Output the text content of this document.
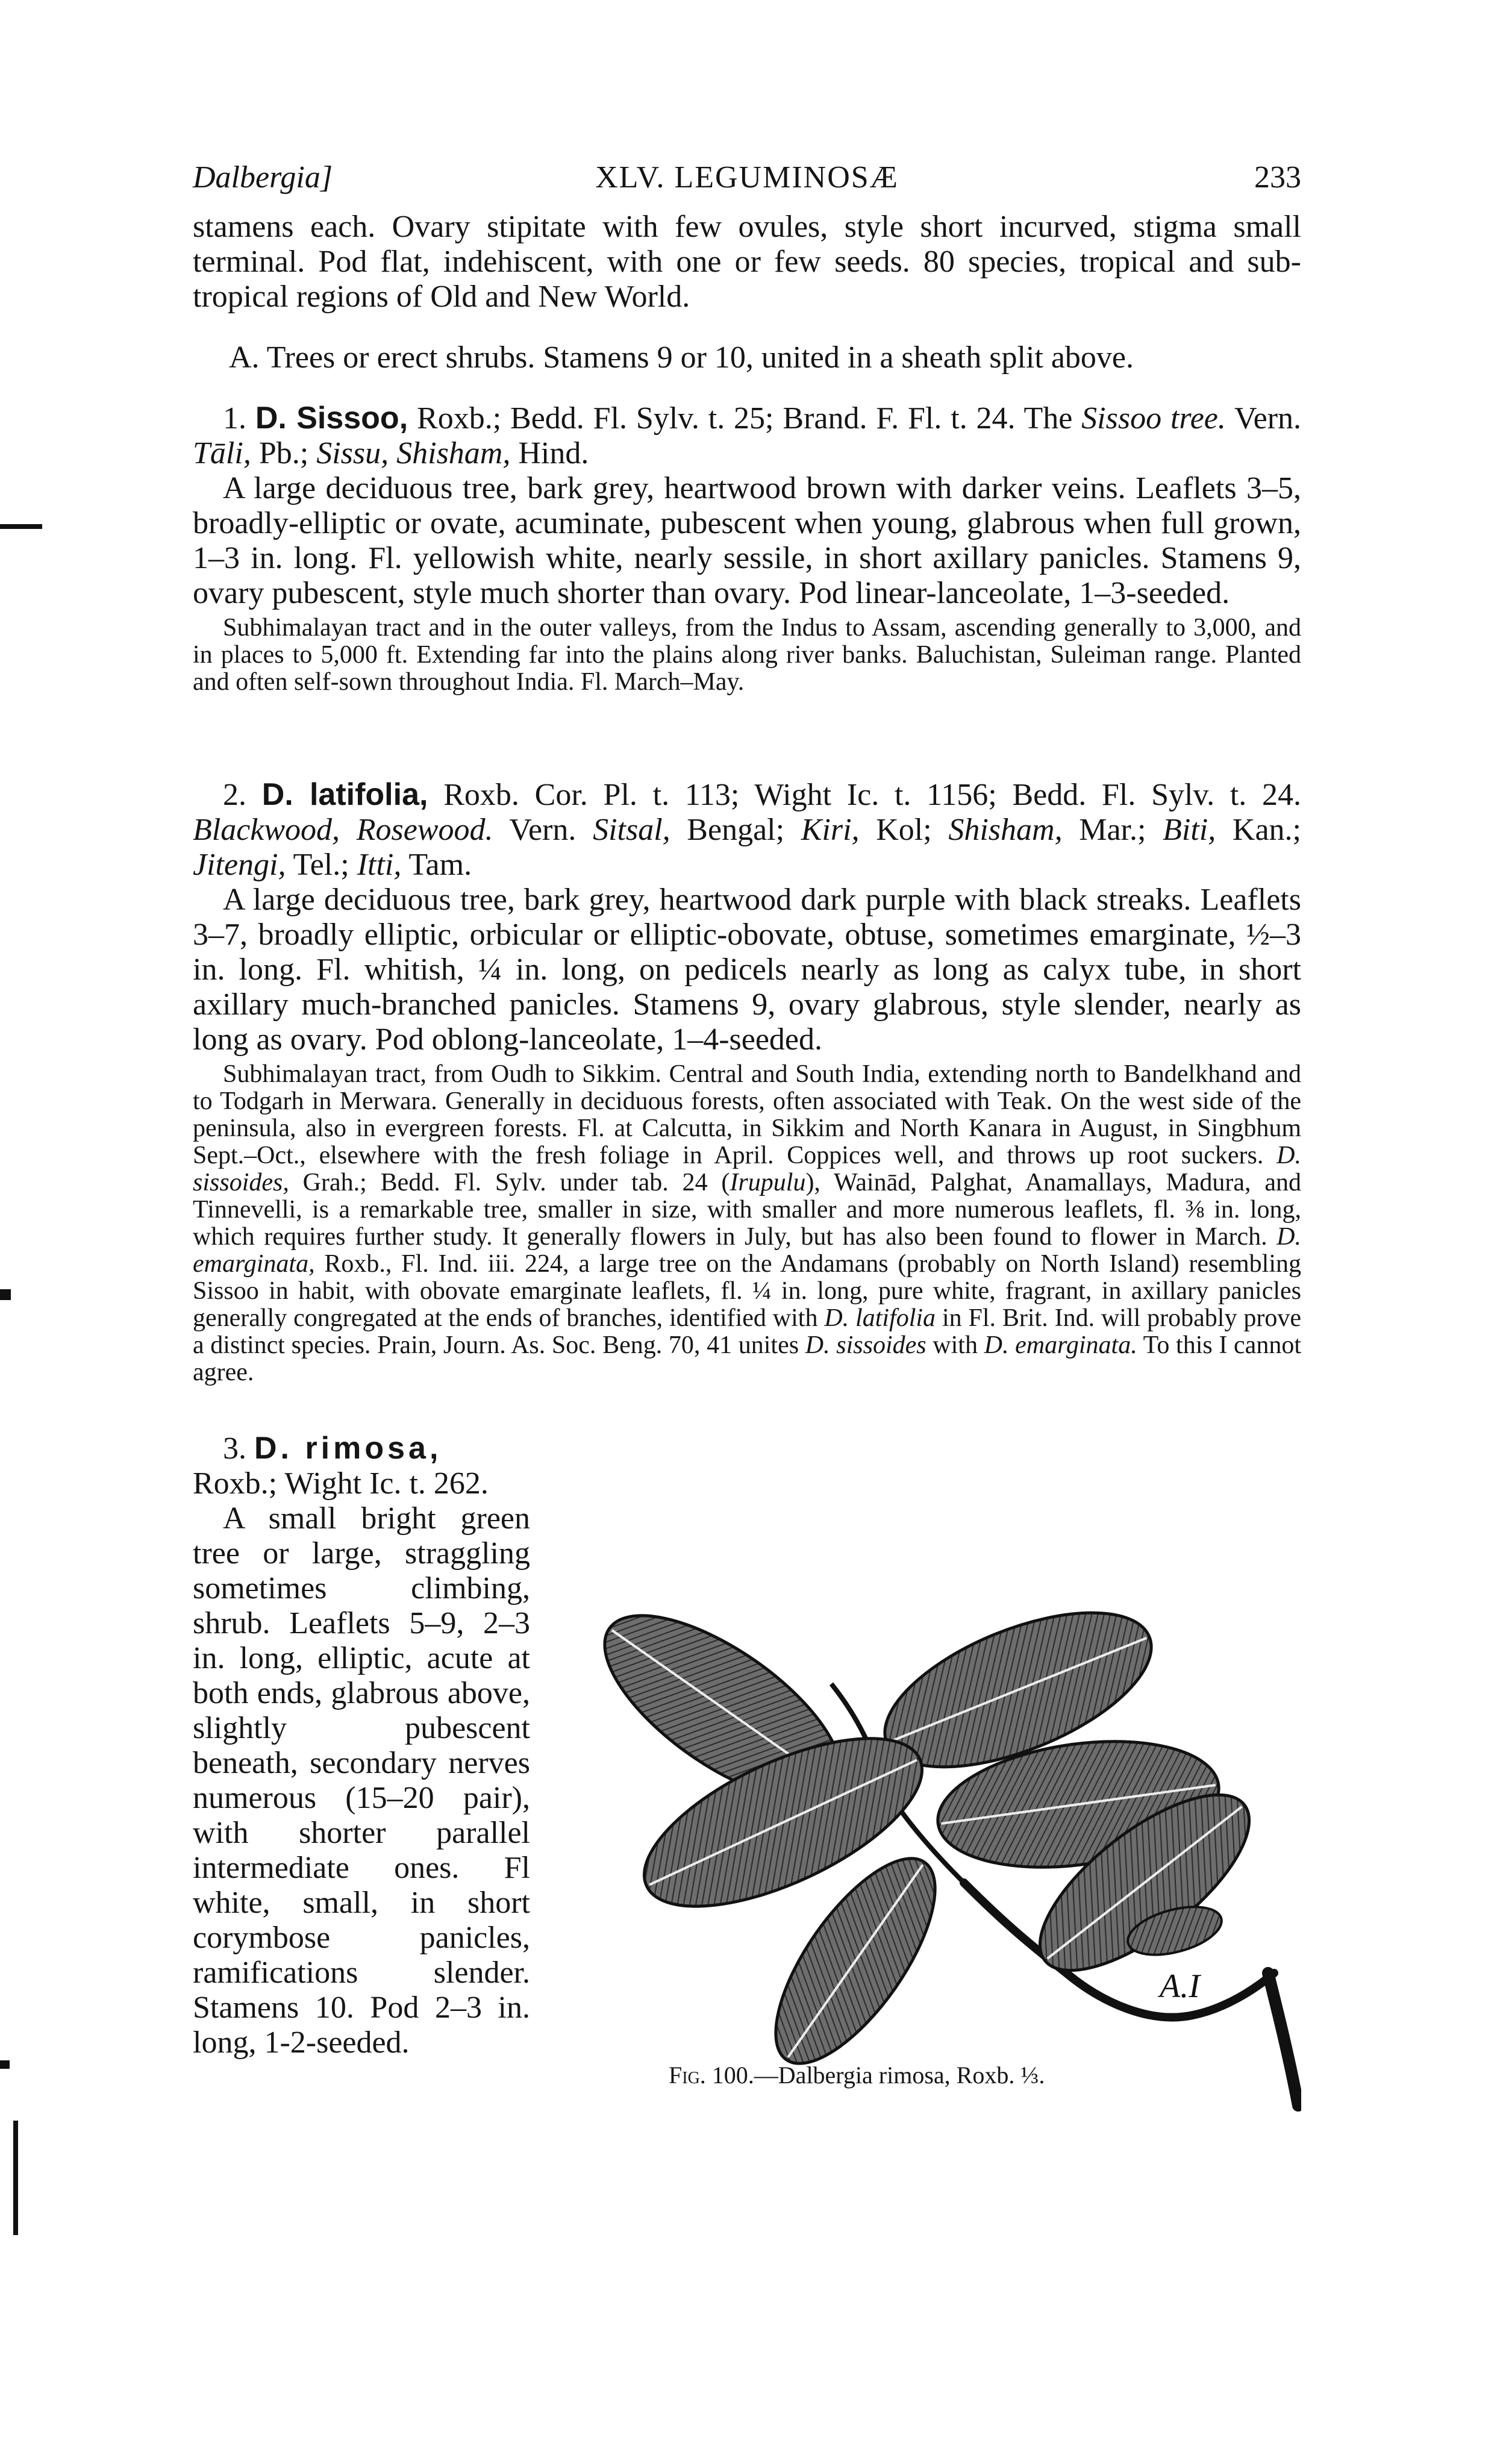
Dalbergia]	XLV. LEGUMINOSÆ	233

stamens each. Ovary stipitate with few ovules, style short incurved, stigma small terminal. Pod flat, indehiscent, with one or few seeds. 80 species, tropical and sub-tropical regions of Old and New World.

A. Trees or erect shrubs. Stamens 9 or 10, united in a sheath split above.

1. D. Sissoo, Roxb.; Bedd. Fl. Sylv. t. 25; Brand. F. Fl. t. 24. The Sissoo tree. Vern. Tāli, Pb.; Sissu, Shisham, Hind.

A large deciduous tree, bark grey, heartwood brown with darker veins. Leaflets 3–5, broadly-elliptic or ovate, acuminate, pubescent when young, glabrous when full grown, 1–3 in. long. Fl. yellowish white, nearly sessile, in short axillary panicles. Stamens 9, ovary pubescent, style much shorter than ovary. Pod linear-lanceolate, 1–3-seeded.

Subhimalayan tract and in the outer valleys, from the Indus to Assam, ascending generally to 3,000, and in places to 5,000 ft. Extending far into the plains along river banks. Baluchistan, Suleiman range. Planted and often self-sown throughout India. Fl. March–May.

2. D. latifolia, Roxb. Cor. Pl. t. 113; Wight Ic. t. 1156; Bedd. Fl. Sylv. t. 24. Blackwood, Rosewood. Vern. Sitsal, Bengal; Kiri, Kol; Shisham, Mar.; Biti, Kan.; Jitengi, Tel.; Itti, Tam.

A large deciduous tree, bark grey, heartwood dark purple with black streaks. Leaflets 3–7, broadly elliptic, orbicular or elliptic-obovate, obtuse, sometimes emarginate, ½–3 in. long. Fl. whitish, ¼ in. long, on pedicels nearly as long as calyx tube, in short axillary much-branched panicles. Stamens 9, ovary glabrous, style slender, nearly as long as ovary. Pod oblong-lanceolate, 1–4-seeded.

Subhimalayan tract, from Oudh to Sikkim. Central and South India, extending north to Bandelkhand and to Todgarh in Merwara. Generally in deciduous forests, often associated with Teak. On the west side of the peninsula, also in evergreen forests. Fl. at Calcutta, in Sikkim and North Kanara in August, in Singbhum Sept.–Oct., elsewhere with the fresh foliage in April. Coppices well, and throws up root suckers. D. sissoides, Grah.; Bedd. Fl. Sylv. under tab. 24 (Irupulu), Wainād, Palghat, Anamallays, Madura, and Tinnevelli, is a remarkable tree, smaller in size, with smaller and more numerous leaflets, fl. ⅜ in. long, which requires further study. It generally flowers in July, but has also been found to flower in March. D. emarginata, Roxb., Fl. Ind. iii. 224, a large tree on the Andamans (probably on North Island) resembling Sissoo in habit, with obovate emarginate leaflets, fl. ¼ in. long, pure white, fragrant, in axillary panicles generally congregated at the ends of branches, identified with D. latifolia in Fl. Brit. Ind. will probably prove a distinct species. Prain, Journ. As. Soc. Beng. 70, 41 unites D. sissoides with D. emarginata. To this I cannot agree.

3. D. rimosa, Roxb.; Wight Ic. t. 262.

A small bright green tree or large, straggling sometimes climbing, shrub. Leaflets 5–9, 2–3 in. long, elliptic, acute at both ends, glabrous above, slightly pubescent beneath, secondary nerves numerous (15–20 pair), with shorter parallel intermediate ones. Fl white, small, in short corymbose panicles, ramifications slender. Stamens 10. Pod 2–3 in. long, 1-2-seeded.

A.I
Fig. 100.—Dalbergia rimosa, Roxb. ⅓.
